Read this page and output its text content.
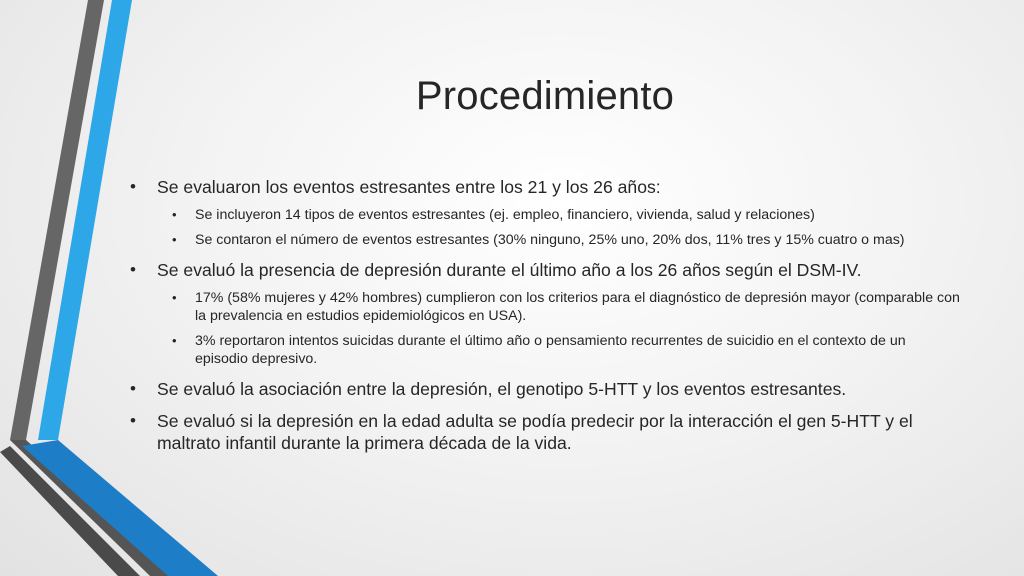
Procedimiento
• Se evaluaron los eventos estresantes entre los 21 y los 26 años:
• Se incluyeron 14 tipos de eventos estresantes (ej. empleo, financiero, vivienda, salud y relaciones)
• Se contaron el número de eventos estresantes (30% ninguno, 25% uno, 20% dos, 11% tres y 15% cuatro o mas)
• Se evaluó la presencia de depresión durante el último año a los 26 años según el DSM-IV.
• 17% (58% mujeres y 42% hombres) cumplieron con los criterios para el diagnóstico de depresión mayor (comparable con la prevalencia en estudios epidemiológicos en USA).
• 3% reportaron intentos suicidas durante el último año o pensamiento recurrentes de suicidio en el contexto de un episodio depresivo.
• Se evaluó la asociación entre la depresión, el genotipo 5-HTT y los eventos estresantes.
• Se evaluó si la depresión en la edad adulta se podía predecir por la interacción el gen 5-HTT y el maltrato infantil durante la primera década de la vida.
